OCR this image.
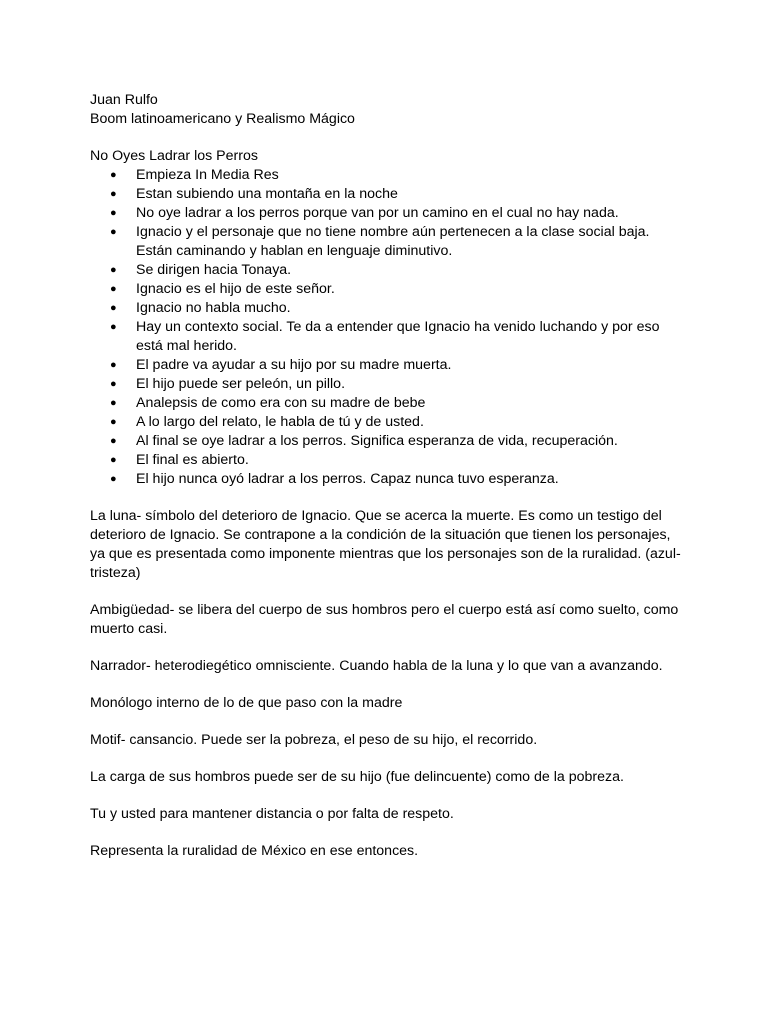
Juan Rulfo

Boom latinoamericano y Realismo Mágico

No Oyes Ladrar los Perros

● Empieza In Media Res
● Estan subiendo una montaña en la noche
● No oye ladrar a los perros porque van por un camino en el cual no hay nada.
● Ignacio y el personaje que no tiene nombre aún pertenecen a la clase social baja. Están caminando y hablan en lenguaje diminutivo.
● Se dirigen hacia Tonaya.
● Ignacio es el hijo de este señor.
● Ignacio no habla mucho.
● Hay un contexto social. Te da a entender que Ignacio ha venido luchando y por eso está mal herido.
● El padre va ayudar a su hijo por su madre muerta.
● El hijo puede ser peleón, un pillo.
● Analepsis de como era con su madre de bebe
● A lo largo del relato, le habla de tú y de usted.
● Al final se oye ladrar a los perros. Significa esperanza de vida, recuperación.
● El final es abierto.
● El hijo nunca oyó ladrar a los perros. Capaz nunca tuvo esperanza.

La luna- símbolo del deterioro de Ignacio. Que se acerca la muerte. Es como un testigo del deterioro de Ignacio. Se contrapone a la condición de la situación que tienen los personajes, ya que es presentada como imponente mientras que los personajes son de la ruralidad. (azul-tristeza)

Ambigüedad- se libera del cuerpo de sus hombros pero el cuerpo está así como suelto, como muerto casi.

Narrador- heterodiegético omnisciente. Cuando habla de la luna y lo que van a avanzando.

Monólogo interno de lo de que paso con la madre

Motif- cansancio. Puede ser la pobreza, el peso de su hijo, el recorrido.

La carga de sus hombros puede ser de su hijo (fue delincuente) como de la pobreza.

Tu y usted para mantener distancia o por falta de respeto.

Representa la ruralidad de México en ese entonces.
